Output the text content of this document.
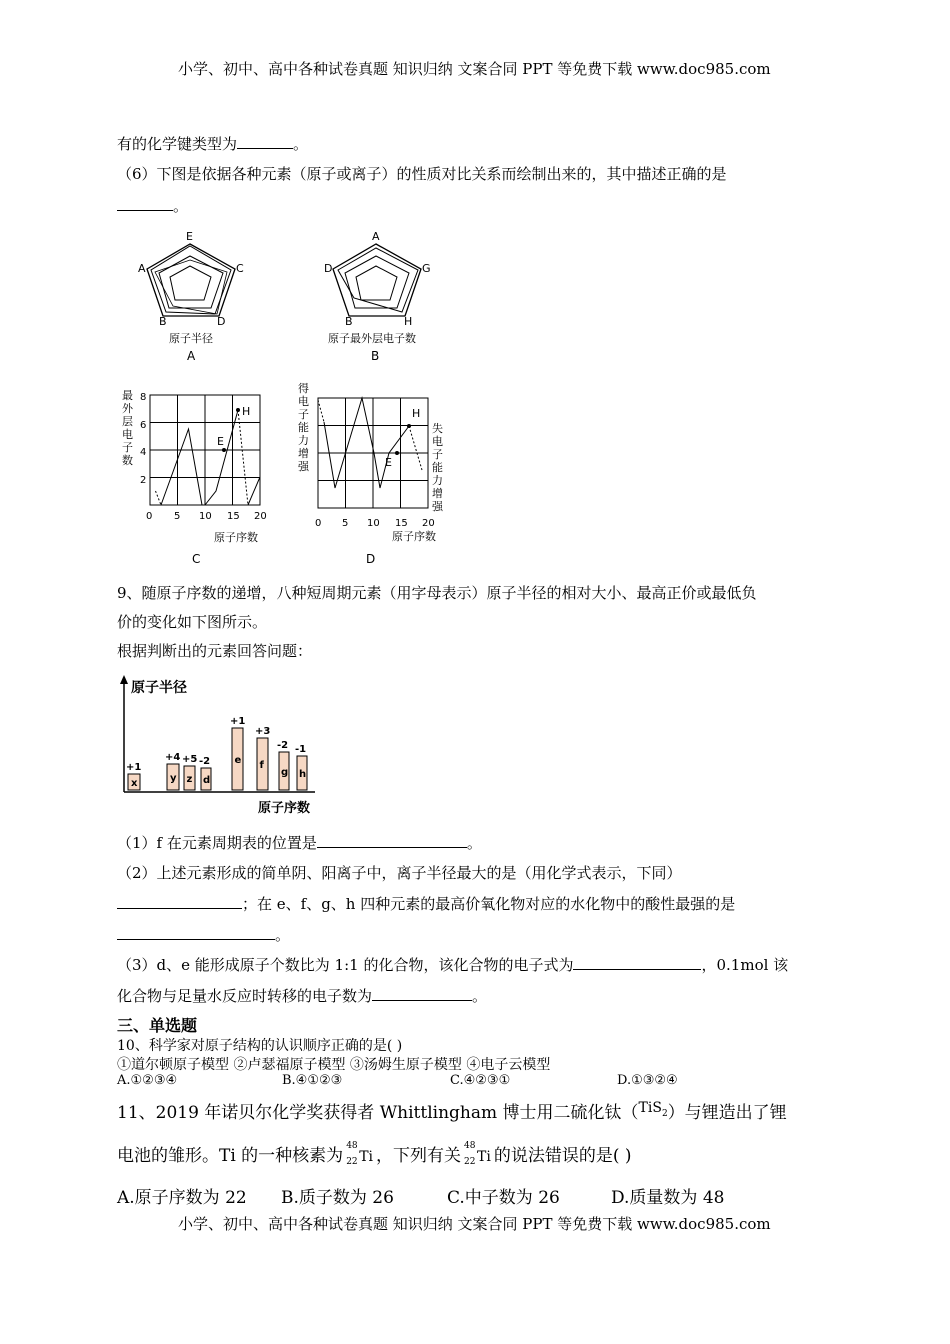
小学、初中、高中各种试卷真题 知识归纳 文案合同 PPT 等免费下载 www.doc985.com
有的化学键类型为	。
（6）下图是依据各种元素（原子或离子）的性质对比关系而绘制出来的，其中描述正确的是
。
E
C
D
B
A
原子半径
A
A
G
H
B
D
原子最外层电子数
B
最外层电子数
E
H
2
4
6
8
0 5 10 15 20
原子序数
C
得电子能力增强	E
H
失电子能力增强
0 5 10 15 20
原子序数
D
9、随原子序数的递增，八种短周期元素（用字母表示）原子半径的相对大小、最高正价或最低负
价的变化如下图所示。
根据判断出的元素回答问题：
原子半径
原子序数
x
+1
y
+4
z
+5
d
-2 e
+1
f
+3
g
-2
h
-1
（1）f 在元素周期表的位置是	。
（2）上述元素形成的简单阴、阳离子中，离子半径最大的是（用化学式表示，下同）
；在 e、f、g、h 四种元素的最高价氧化物对应的水化物中的酸性最强的是
。
（3）d、e 能形成原子个数比为 1:1 的化合物，该化合物的电子式为	，0.1mol 该
化合物与足量水反应时转移的电子数为	。
三、单选题
10、科学家对原子结构的认识顺序正确的是( )
①道尔顿原子模型 ②卢瑟福原子模型 ③汤姆生原子模型 ④电子云模型
A.①②③④	B.④①②③	C.④②③①	D.①③②④
11、2019 年诺贝尔化学奖获得者 Whittlingham 博士用二硫化钛（$^{TiS_2}$）与锂造出了锂
电池的雏形。Ti 的一种核素为 48
22 Ti ，下列有关 48
22 Ti 的说法错误的是( )
A.原子序数为 22 B.质子数为 26	C.中子数为 26	D.质量数为 48
小学、初中、高中各种试卷真题 知识归纳 文案合同 PPT 等免费下载 www.doc985.com
